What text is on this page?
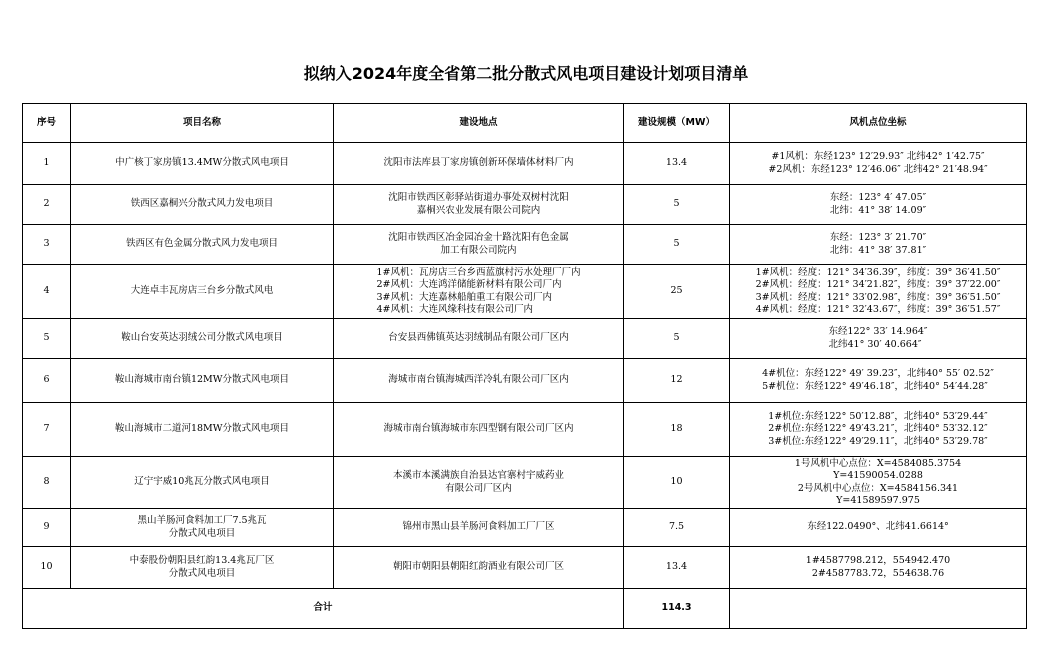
拟纳入2024年度全省第二批分散式风电项目建设计划项目清单
序号	项目名称	建设地点	建设规模（MW）	风机点位坐标
1	中广核丁家房镇13.4MW分散式风电项目	沈阳市法库县丁家房镇创新环保墙体材料厂内	13.4	#1风机：东经123° 12′29.93″ 北纬42° 1′42.75″
#2风机：东经123° 12′46.06″ 北纬42° 21′48.94″

2	铁西区嘉桐兴分散式风力发电项目	沈阳市铁西区彰驿站街道办事处双树村沈阳
嘉桐兴农业发展有限公司院内	5	东经：123° 4′ 47.05″
北纬：41° 38′ 14.09″

3	铁西区有色金属分散式风力发电项目	沈阳市铁西区冶金园冶金十路沈阳有色金属
加工有限公司院内	5	东经：123° 3′ 21.70″
北纬：41° 38′ 37.81″

4	大连卓丰瓦房店三台乡分散式风电	1#风机：瓦房店三台乡西蓝旗村污水处理厂厂内
2#风机：大连鸿洋储能新材料有限公司厂内
3#风机：大连嘉林船舶重工有限公司厂内
4#风机：大连风缘科技有限公司厂内	25	1#风机：经度：121° 34′36.39″，纬度：39° 36′41.50″
2#风机：经度：121° 34′21.82″，纬度：39° 37′22.00″
3#风机：经度：121° 33′02.98″，纬度：39° 36′51.50″
4#风机：经度：121° 32′43.67″，纬度：39° 36′51.57″

5	鞍山台安英达羽绒公司分散式风电项目	台安县西佛镇英达羽绒制品有限公司厂区内	5	东经122° 33′ 14.964″
北纬41° 30′ 40.664″

6	鞍山海城市南台镇12MW分散式风电项目	海城市南台镇海城西洋冷轧有限公司厂区内	12	4#机位：东经122° 49′ 39.23″，北纬40° 55′ 02.52″
5#机位：东经122° 49′46.18″，北纬40° 54′44.28″

7	鞍山海城市二道河18MW分散式风电项目	海城市南台镇海城市东四型钢有限公司厂区内	18	1#机位:东经122° 50′12.88″，北纬40° 53′29.44″
2#机位:东经122° 49′43.21″，北纬40° 53′32.12″
3#机位:东经122° 49′29.11″，北纬40° 53′29.78″

8	辽宁宇威10兆瓦分散式风电项目	本溪市本溪满族自治县达官寨村宇威药业
有限公司厂区内	10	1号风机中心点位：X=4584085.3754
Y=41590054.0288
2号风机中心点位：X=4584156.341
Y=41589597.975

9	黑山羊肠河食料加工厂7.5兆瓦
分散式风电项目	锦州市黑山县羊肠河食料加工厂厂区	7.5	东经122.0490°、北纬41.6614°

10	中泰股份朝阳县红韵13.4兆瓦厂区
分散式风电项目	朝阳市朝阳县朝阳红韵酒业有限公司厂区	13.4	1#4587798.212，554942.470
2#4587783.72，554638.76

合计			114.3	
